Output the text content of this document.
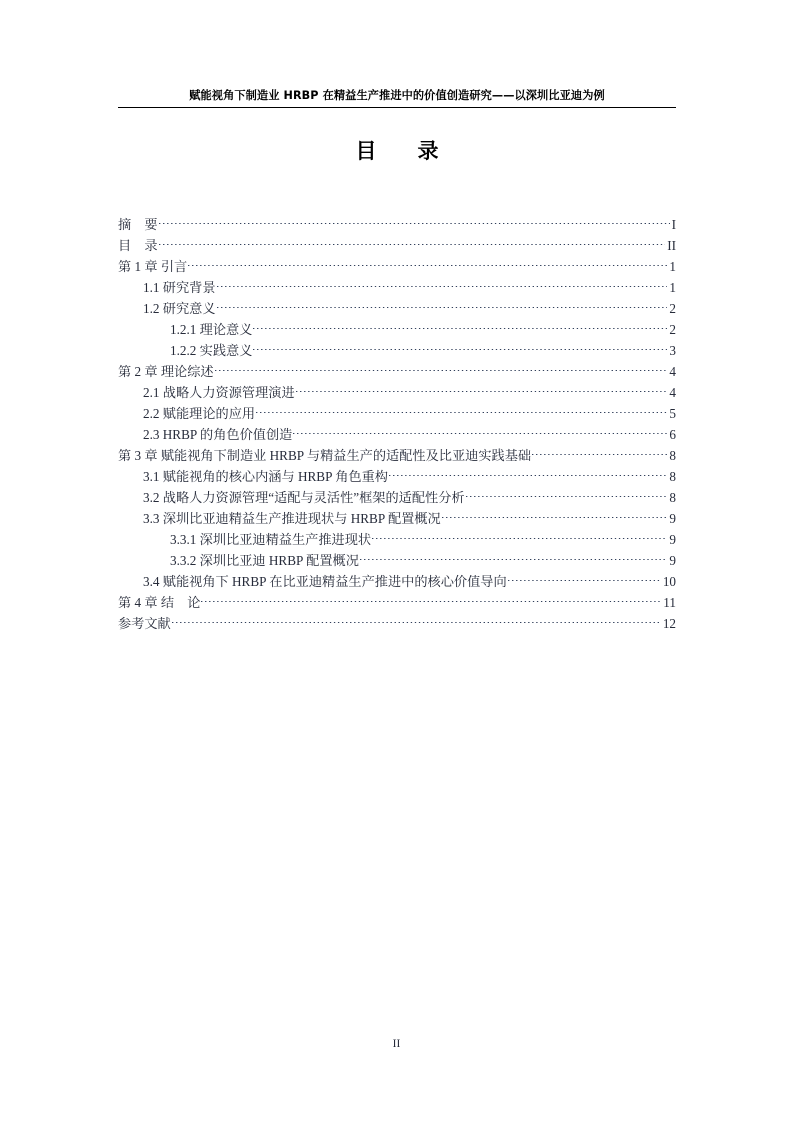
赋能视角下制造业 HRBP 在精益生产推进中的价值创造研究——以深圳比亚迪为例
目　录
摘　要	I
目　录	II
第 1 章 引言	1
1.1 研究背景	1
1.2 研究意义	2
1.2.1 理论意义	2
1.2.2 实践意义	3
第 2 章 理论综述	4
2.1 战略人力资源管理演进	4
2.2 赋能理论的应用	5
2.3 HRBP 的角色价值创造	6
第 3 章 赋能视角下制造业 HRBP 与精益生产的适配性及比亚迪实践基础	8
3.1 赋能视角的核心内涵与 HRBP 角色重构	8
3.2 战略人力资源管理“适配与灵活性”框架的适配性分析	8
3.3 深圳比亚迪精益生产推进现状与 HRBP 配置概况	9
3.3.1 深圳比亚迪精益生产推进现状	9
3.3.2 深圳比亚迪 HRBP 配置概况	9
3.4 赋能视角下 HRBP 在比亚迪精益生产推进中的核心价值导向	10
第 4 章 结　论	11
参考文献	12
II
